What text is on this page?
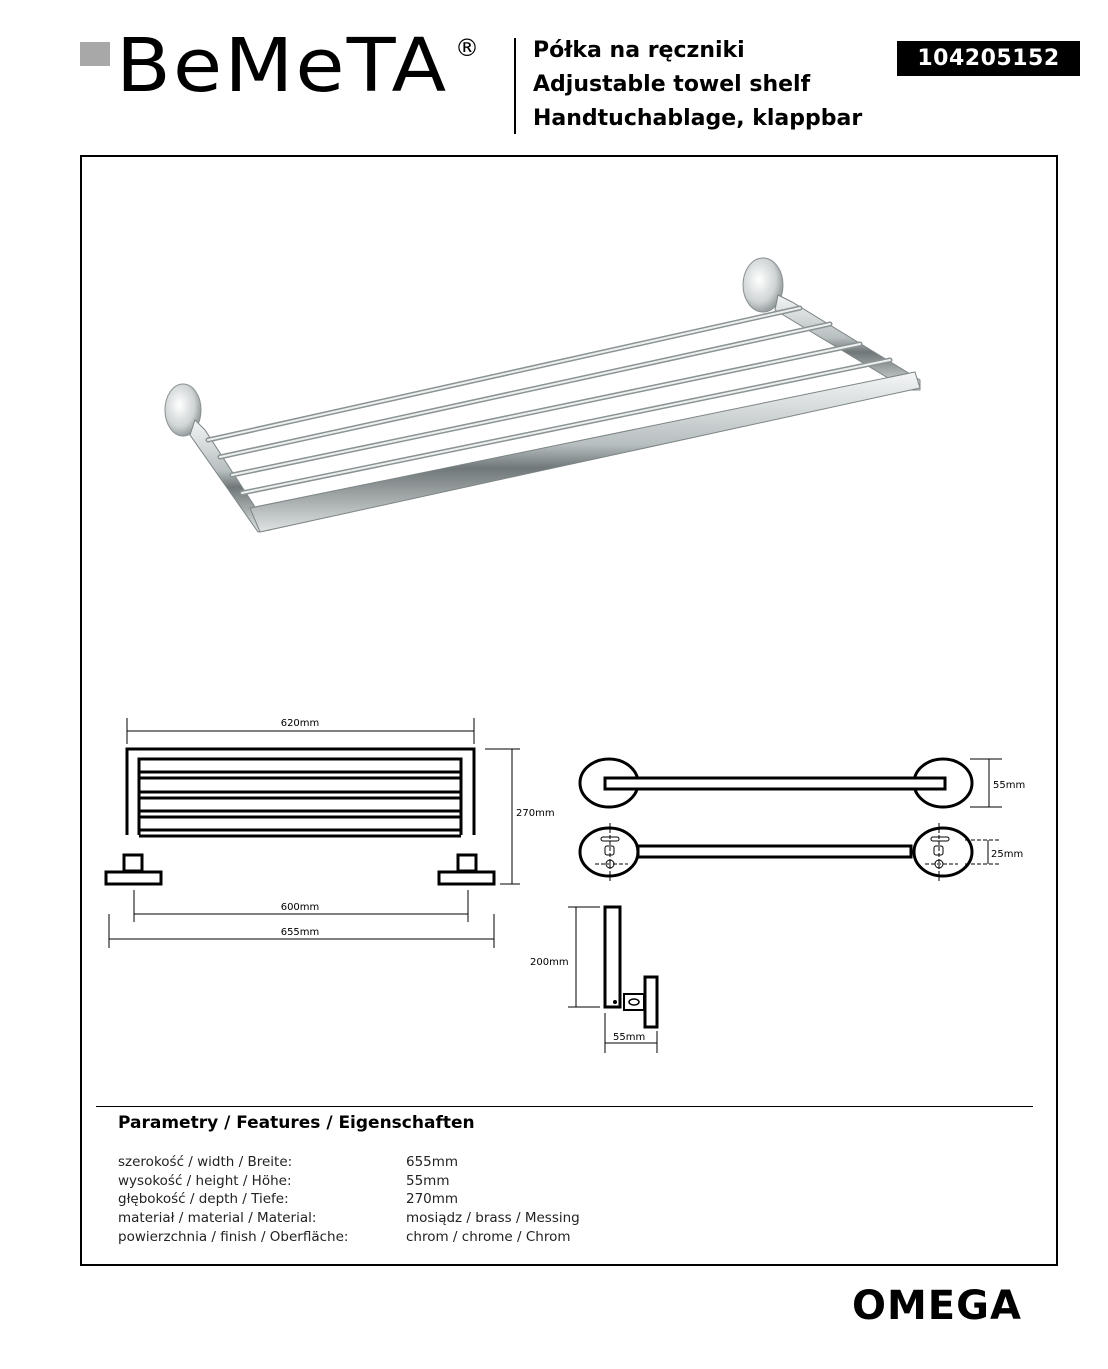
BeMeTA ® Półka na ręczniki
Adjustable towel shelf
Handtuchablage, klappbar
104205152
620mm
270mm
600mm
655mm
55mm
25mm
200mm
55mm
Parametry / Features / Eigenschaften
szerokość / width / Breite:	655mm
wysokość / height / Höhe:	55mm
głębokość / depth / Tiefe:	270mm
materiał / material / Material:	mosiądz / brass / Messing
powierzchnia / finish / Oberfläche:	chrom / chrome / Chrom
OMEGA
